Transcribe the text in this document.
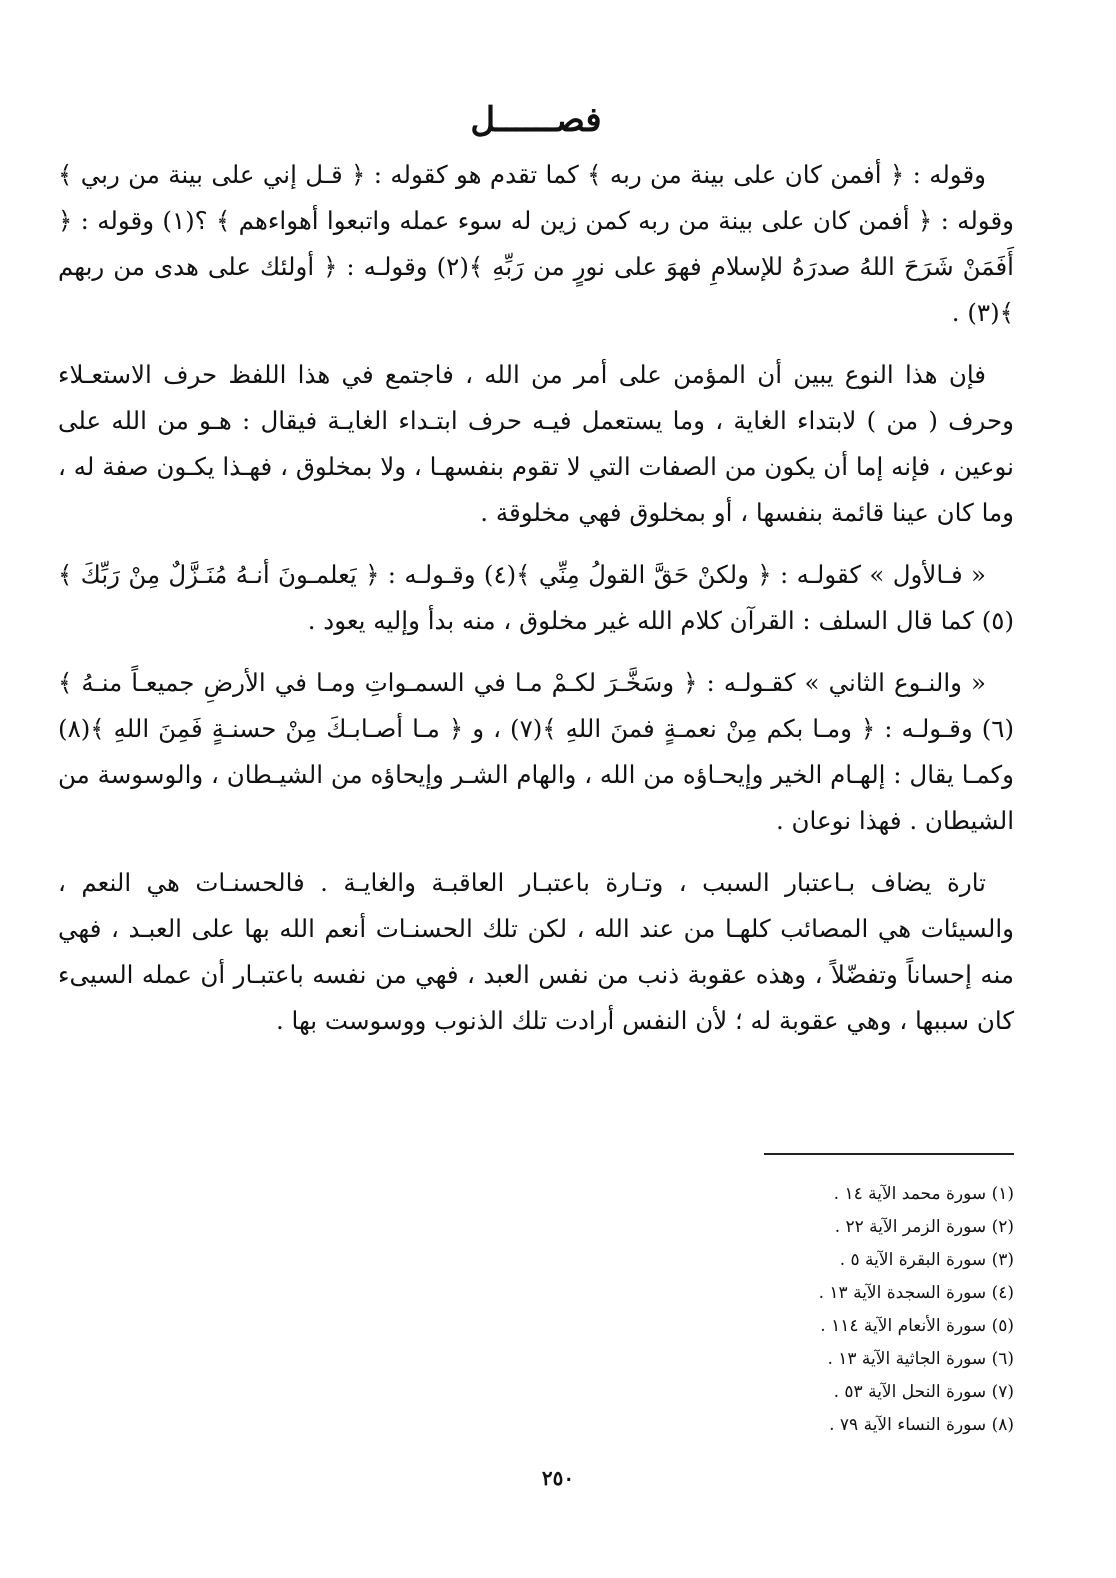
فصــــــل

وقوله : ﴿ أفمن كان على بينة من ربه ﴾ كما تقدم هو كقوله : ﴿ قـل إني على بينة من ربي ﴾ وقوله : ﴿ أفمن كان على بينة من ربه كمن زين له سوء عمله واتبعوا أهواءهم ﴾ ؟(١) وقوله : ﴿ أَفَمَنْ شَرَحَ اللهُ صدرَهُ للإسلامِ فهوَ على نورٍ من رَبِّهِ ﴾(٢) وقولـه : ﴿ أولئك على هدى من ربهم ﴾(٣) .

فإن هذا النوع يبين أن المؤمن على أمر من الله ، فاجتمع في هذا اللفظ حرف الاستعـلاء وحرف ( من ) لابتداء الغاية ، وما يستعمل فيـه حرف ابتـداء الغايـة فيقال : هـو من الله على نوعين ، فإنه إما أن يكون من الصفات التي لا تقوم بنفسهـا ، ولا بمخلوق ، فهـذا يكـون صفة له ، وما كان عينا قائمة بنفسها ، أو بمخلوق فهي مخلوقة .

« فـالأول » كقولـه : ﴿ ولكنْ حَقَّ القولُ مِنِّي ﴾(٤) وقـولـه : ﴿ يَعلمـونَ أنـهُ مُنَـزَّلٌ مِنْ رَبِّكَ ﴾(٥) كما قال السلف : القرآن كلام الله غير مخلوق ، منه بدأ وإليه يعود .

« والنـوع الثاني » كقـولـه : ﴿ وسَخَّـرَ لكـمْ مـا في السمـواتِ ومـا في الأرضِ جميعـاً منـهُ ﴾(٦) وقـولـه : ﴿ ومـا بكم مِنْ نعمـةٍ فمنَ اللهِ ﴾(٧) ، و ﴿ مـا أصـابـكَ مِنْ حسنـةٍ فَمِنَ اللهِ ﴾(٨) وكمـا يقال : إلهـام الخير وإيحـاؤه من الله ، والهام الشـر وإيحاؤه من الشيـطان ، والوسوسة من الشيطان . فهذا نوعان .

تارة يضاف بـاعتبار السبب ، وتـارة باعتبـار العاقبـة والغايـة . فالحسنـات هي النعم ، والسيئات هي المصائب كلهـا من عند الله ، لكن تلك الحسنـات أنعم الله بها على العبـد ، فهي منه إحساناً وتفضّلاً ، وهذه عقوبة ذنب من نفس العبد ، فهي من نفسه باعتبـار أن عمله السيىء كان سببها ، وهي عقوبة له ؛ لأن النفس أرادت تلك الذنوب ووسوست بها .

(١) سورة محمد الآية ١٤ .
(٢) سورة الزمر الآية ٢٢ .
(٣) سورة البقرة الآية ٥ .
(٤) سورة السجدة الآية ١٣ .
(٥) سورة الأنعام الآية ١١٤ .
(٦) سورة الجاثية الآية ١٣ .
(٧) سورة النحل الآية ٥٣ .
(٨) سورة النساء الآية ٧٩ .
٢٥٠
